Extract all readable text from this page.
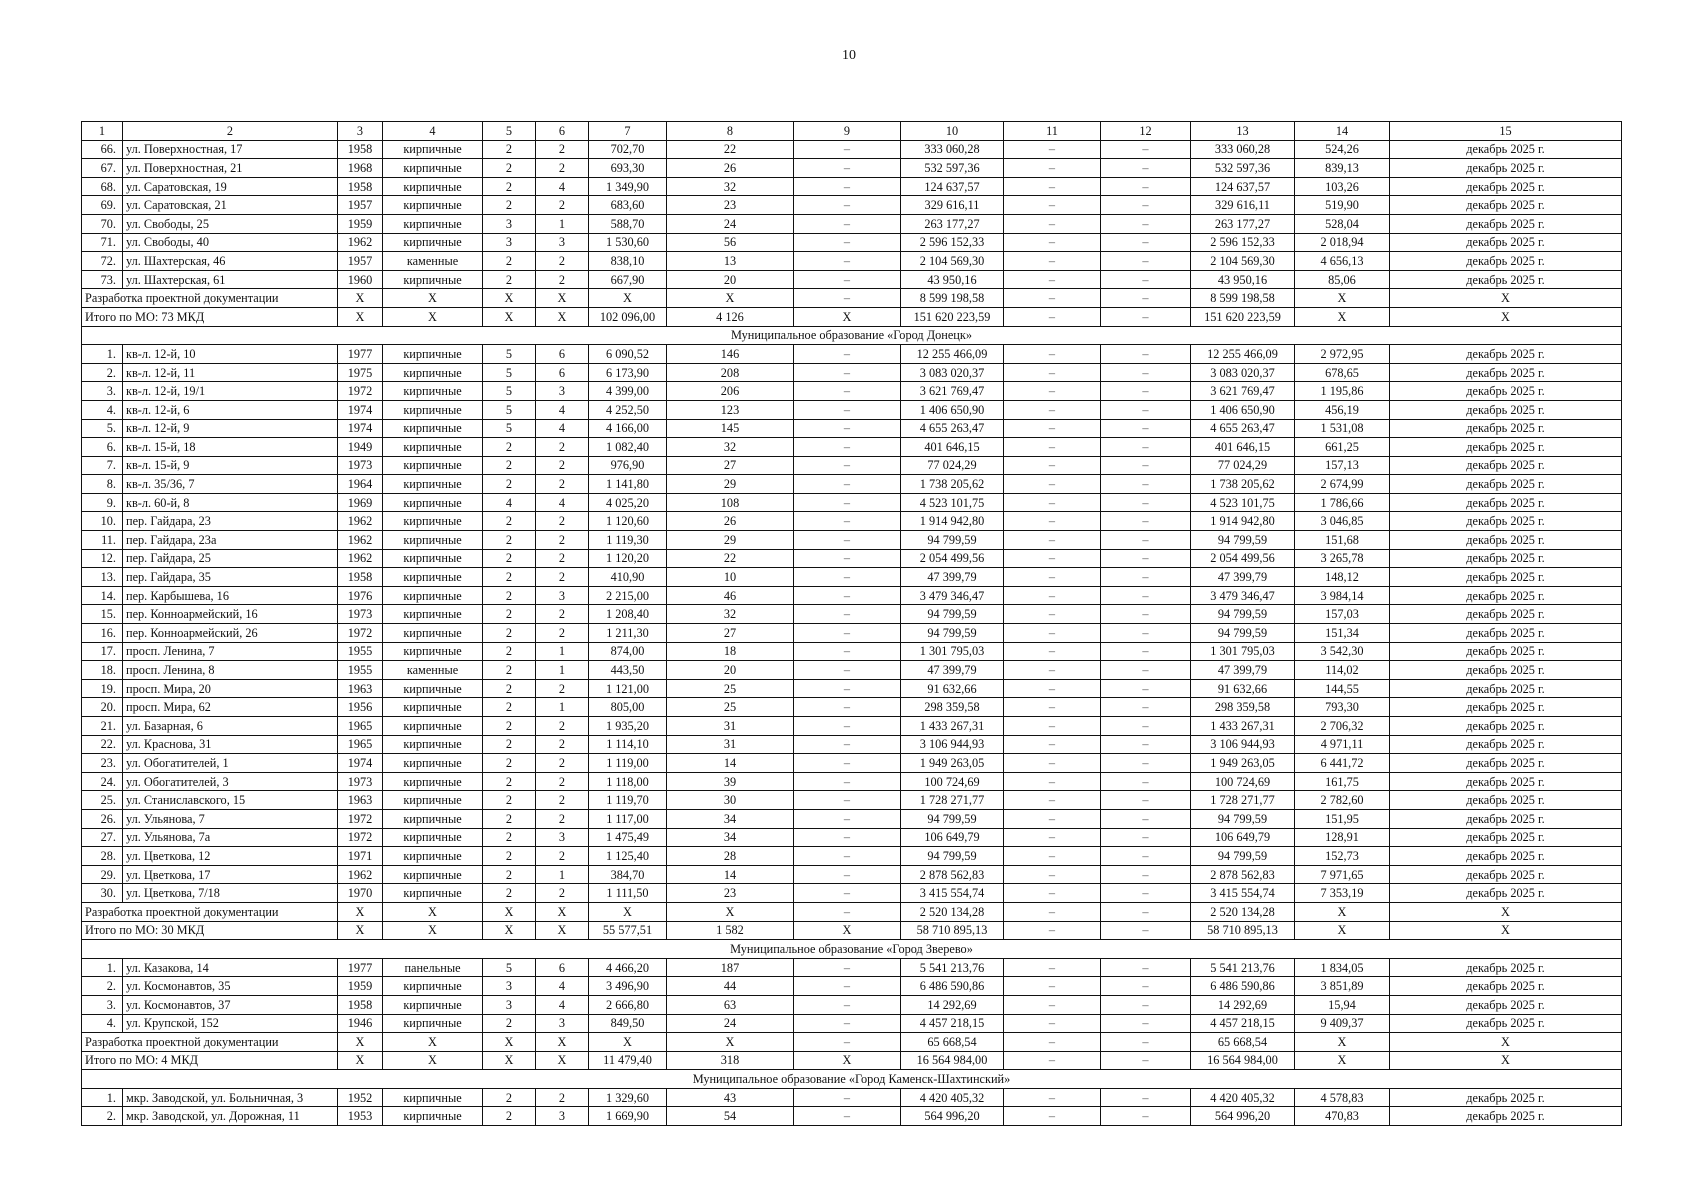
10
1	2	3	4	5	6	7	8	9	10	11	12	13	14	15
66.	ул. Поверхностная, 17	1958	кирпичные	2	2	702,70	22	–	333 060,28	–	–	333 060,28	524,26	декабрь 2025 г.
67.	ул. Поверхностная, 21	1968	кирпичные	2	2	693,30	26	–	532 597,36	–	–	532 597,36	839,13	декабрь 2025 г.
68.	ул. Саратовская, 19	1958	кирпичные	2	4	1 349,90	32	–	124 637,57	–	–	124 637,57	103,26	декабрь 2025 г.
69.	ул. Саратовская, 21	1957	кирпичные	2	2	683,60	23	–	329 616,11	–	–	329 616,11	519,90	декабрь 2025 г.
70.	ул. Свободы, 25	1959	кирпичные	3	1	588,70	24	–	263 177,27	–	–	263 177,27	528,04	декабрь 2025 г.
71.	ул. Свободы, 40	1962	кирпичные	3	3	1 530,60	56	–	2 596 152,33	–	–	2 596 152,33	2 018,94	декабрь 2025 г.
72.	ул. Шахтерская, 46	1957	каменные	2	2	838,10	13	–	2 104 569,30	–	–	2 104 569,30	4 656,13	декабрь 2025 г.
73.	ул. Шахтерская, 61	1960	кирпичные	2	2	667,90	20	–	43 950,16	–	–	43 950,16	85,06	декабрь 2025 г.
Разработка проектной документации		X	X	X	X	X	X	–	8 599 198,58	–	–	8 599 198,58	X	X
Итого по МО: 73 МКД		X	X	X	X	102 096,00	4 126	X	151 620 223,59	–	–	151 620 223,59	X	X
Муниципальное образование «Город Донецк»														
1.	кв-л. 12-й, 10	1977	кирпичные	5	6	6 090,52	146	–	12 255 466,09	–	–	12 255 466,09	2 972,95	декабрь 2025 г.
2.	кв-л. 12-й, 11	1975	кирпичные	5	6	6 173,90	208	–	3 083 020,37	–	–	3 083 020,37	678,65	декабрь 2025 г.
3.	кв-л. 12-й, 19/1	1972	кирпичные	5	3	4 399,00	206	–	3 621 769,47	–	–	3 621 769,47	1 195,86	декабрь 2025 г.
4.	кв-л. 12-й, 6	1974	кирпичные	5	4	4 252,50	123	–	1 406 650,90	–	–	1 406 650,90	456,19	декабрь 2025 г.
5.	кв-л. 12-й, 9	1974	кирпичные	5	4	4 166,00	145	–	4 655 263,47	–	–	4 655 263,47	1 531,08	декабрь 2025 г.
6.	кв-л. 15-й, 18	1949	кирпичные	2	2	1 082,40	32	–	401 646,15	–	–	401 646,15	661,25	декабрь 2025 г.
7.	кв-л. 15-й, 9	1973	кирпичные	2	2	976,90	27	–	77 024,29	–	–	77 024,29	157,13	декабрь 2025 г.
8.	кв-л. 35/36, 7	1964	кирпичные	2	2	1 141,80	29	–	1 738 205,62	–	–	1 738 205,62	2 674,99	декабрь 2025 г.
9.	кв-л. 60-й, 8	1969	кирпичные	4	4	4 025,20	108	–	4 523 101,75	–	–	4 523 101,75	1 786,66	декабрь 2025 г.
10.	пер. Гайдара, 23	1962	кирпичные	2	2	1 120,60	26	–	1 914 942,80	–	–	1 914 942,80	3 046,85	декабрь 2025 г.
11.	пер. Гайдара, 23а	1962	кирпичные	2	2	1 119,30	29	–	94 799,59	–	–	94 799,59	151,68	декабрь 2025 г.
12.	пер. Гайдара, 25	1962	кирпичные	2	2	1 120,20	22	–	2 054 499,56	–	–	2 054 499,56	3 265,78	декабрь 2025 г.
13.	пер. Гайдара, 35	1958	кирпичные	2	2	410,90	10	–	47 399,79	–	–	47 399,79	148,12	декабрь 2025 г.
14.	пер. Карбышева, 16	1976	кирпичные	2	3	2 215,00	46	–	3 479 346,47	–	–	3 479 346,47	3 984,14	декабрь 2025 г.
15.	пер. Конноармейский, 16	1973	кирпичные	2	2	1 208,40	32	–	94 799,59	–	–	94 799,59	157,03	декабрь 2025 г.
16.	пер. Конноармейский, 26	1972	кирпичные	2	2	1 211,30	27	–	94 799,59	–	–	94 799,59	151,34	декабрь 2025 г.
17.	просп. Ленина, 7	1955	кирпичные	2	1	874,00	18	–	1 301 795,03	–	–	1 301 795,03	3 542,30	декабрь 2025 г.
18.	просп. Ленина, 8	1955	каменные	2	1	443,50	20	–	47 399,79	–	–	47 399,79	114,02	декабрь 2025 г.
19.	просп. Мира, 20	1963	кирпичные	2	2	1 121,00	25	–	91 632,66	–	–	91 632,66	144,55	декабрь 2025 г.
20.	просп. Мира, 62	1956	кирпичные	2	1	805,00	25	–	298 359,58	–	–	298 359,58	793,30	декабрь 2025 г.
21.	ул. Базарная, 6	1965	кирпичные	2	2	1 935,20	31	–	1 433 267,31	–	–	1 433 267,31	2 706,32	декабрь 2025 г.
22.	ул. Краснова, 31	1965	кирпичные	2	2	1 114,10	31	–	3 106 944,93	–	–	3 106 944,93	4 971,11	декабрь 2025 г.
23.	ул. Обогатителей, 1	1974	кирпичные	2	2	1 119,00	14	–	1 949 263,05	–	–	1 949 263,05	6 441,72	декабрь 2025 г.
24.	ул. Обогатителей, 3	1973	кирпичные	2	2	1 118,00	39	–	100 724,69	–	–	100 724,69	161,75	декабрь 2025 г.
25.	ул. Станиславского, 15	1963	кирпичные	2	2	1 119,70	30	–	1 728 271,77	–	–	1 728 271,77	2 782,60	декабрь 2025 г.
26.	ул. Ульянова, 7	1972	кирпичные	2	2	1 117,00	34	–	94 799,59	–	–	94 799,59	151,95	декабрь 2025 г.
27.	ул. Ульянова, 7а	1972	кирпичные	2	3	1 475,49	34	–	106 649,79	–	–	106 649,79	128,91	декабрь 2025 г.
28.	ул. Цветкова, 12	1971	кирпичные	2	2	1 125,40	28	–	94 799,59	–	–	94 799,59	152,73	декабрь 2025 г.
29.	ул. Цветкова, 17	1962	кирпичные	2	1	384,70	14	–	2 878 562,83	–	–	2 878 562,83	7 971,65	декабрь 2025 г.
30.	ул. Цветкова, 7/18	1970	кирпичные	2	2	1 111,50	23	–	3 415 554,74	–	–	3 415 554,74	7 353,19	декабрь 2025 г.
Разработка проектной документации		X	X	X	X	X	X	–	2 520 134,28	–	–	2 520 134,28	X	X
Итого по МО: 30 МКД		X	X	X	X	55 577,51	1 582	X	58 710 895,13	–	–	58 710 895,13	X	X
Муниципальное образование «Город Зверево»														
1.	ул. Казакова, 14	1977	панельные	5	6	4 466,20	187	–	5 541 213,76	–	–	5 541 213,76	1 834,05	декабрь 2025 г.
2.	ул. Космонавтов, 35	1959	кирпичные	3	4	3 496,90	44	–	6 486 590,86	–	–	6 486 590,86	3 851,89	декабрь 2025 г.
3.	ул. Космонавтов, 37	1958	кирпичные	3	4	2 666,80	63	–	14 292,69	–	–	14 292,69	15,94	декабрь 2025 г.
4.	ул. Крупской, 152	1946	кирпичные	2	3	849,50	24	–	4 457 218,15	–	–	4 457 218,15	9 409,37	декабрь 2025 г.
Разработка проектной документации		X	X	X	X	X	X	–	65 668,54	–	–	65 668,54	X	X
Итого по МО: 4 МКД		X	X	X	X	11 479,40	318	X	16 564 984,00	–	–	16 564 984,00	X	X
Муниципальное образование «Город Каменск-Шахтинский»														
1.	мкр. Заводской, ул. Больничная, 3	1952	кирпичные	2	2	1 329,60	43	–	4 420 405,32	–	–	4 420 405,32	4 578,83	декабрь 2025 г.
2.	мкр. Заводской, ул. Дорожная, 11	1953	кирпичные	2	3	1 669,90	54	–	564 996,20	–	–	564 996,20	470,83	декабрь 2025 г.
